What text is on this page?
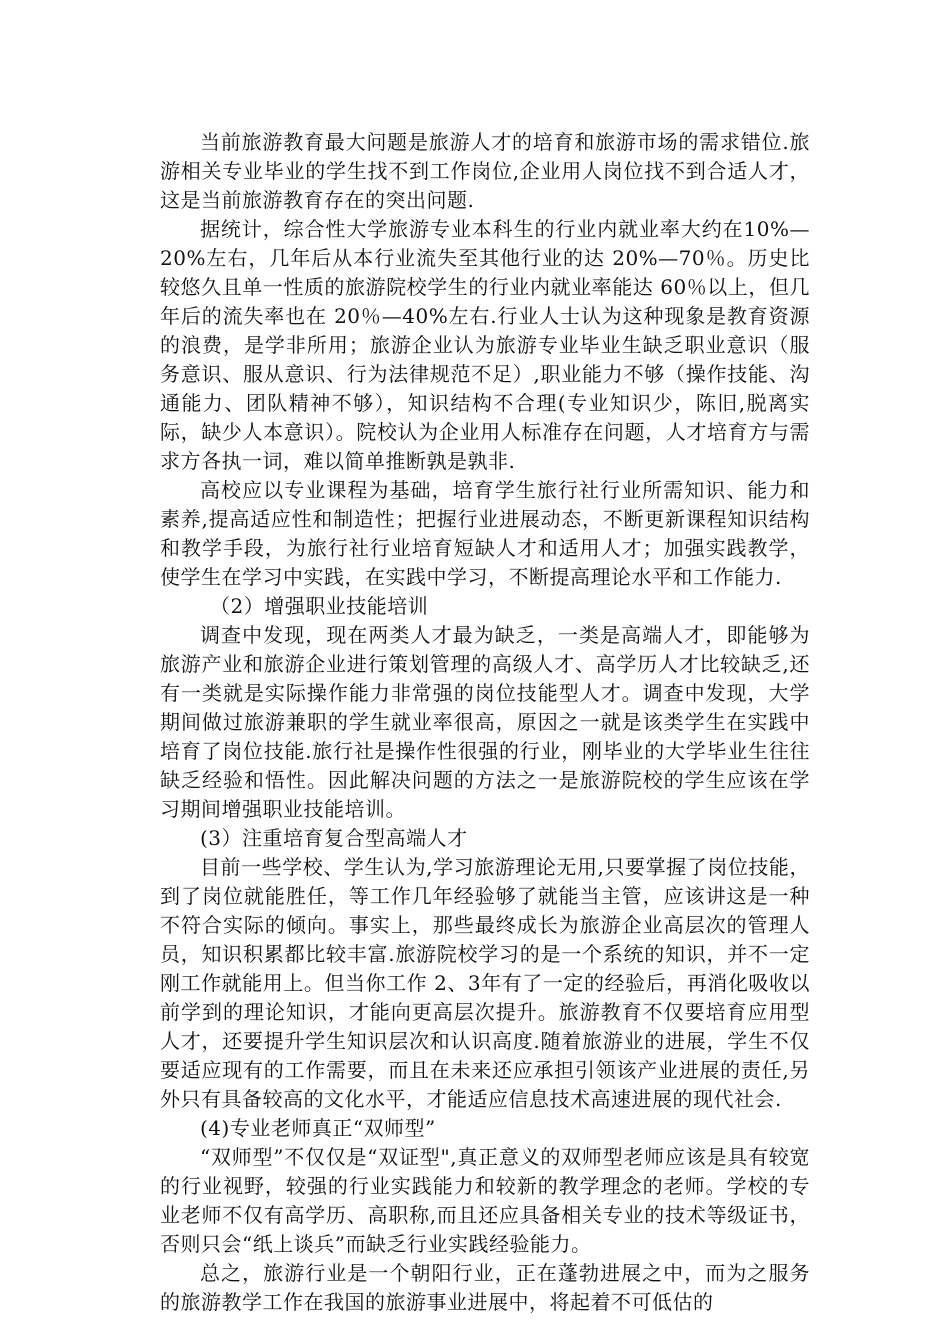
当前旅游教育最大问题是旅游人才的培育和旅游市场的需求错位.旅游相关专业毕业的学生找不到工作岗位,企业用人岗位找不到合适人才，这是当前旅游教育存在的突出问题.

据统计，综合性大学旅游专业本科生的行业内就业率大约在10%—20%左右，几年后从本行业流失至其他行业的达 20%—70％。历史比较悠久且单一性质的旅游院校学生的行业内就业率能达 60％以上，但几年后的流失率也在 20％—40%左右.行业人士认为这种现象是教育资源的浪费，是学非所用；旅游企业认为旅游专业毕业生缺乏职业意识（服务意识、服从意识、行为法律规范不足）,职业能力不够（操作技能、沟通能力、团队精神不够），知识结构不合理(专业知识少，陈旧,脱离实际，缺少人本意识）。院校认为企业用人标准存在问题，人才培育方与需求方各执一词，难以简单推断孰是孰非.

高校应以专业课程为基础，培育学生旅行社行业所需知识、能力和素养,提高适应性和制造性；把握行业进展动态，不断更新课程知识结构和教学手段，为旅行社行业培育短缺人才和适用人才；加强实践教学，使学生在学习中实践，在实践中学习，不断提高理论水平和工作能力.

（2）增强职业技能培训

调查中发现，现在两类人才最为缺乏，一类是高端人才，即能够为旅游产业和旅游企业进行策划管理的高级人才、高学历人才比较缺乏,还有一类就是实际操作能力非常强的岗位技能型人才。调查中发现，大学期间做过旅游兼职的学生就业率很高，原因之一就是该类学生在实践中培育了岗位技能.旅行社是操作性很强的行业，刚毕业的大学毕业生往往缺乏经验和悟性。因此解决问题的方法之一是旅游院校的学生应该在学习期间增强职业技能培训。

(3）注重培育复合型高端人才

目前一些学校、学生认为,学习旅游理论无用,只要掌握了岗位技能，到了岗位就能胜任，等工作几年经验够了就能当主管，应该讲这是一种不符合实际的倾向。事实上，那些最终成长为旅游企业高层次的管理人员，知识积累都比较丰富.旅游院校学习的是一个系统的知识，并不一定刚工作就能用上。但当你工作 2、3年有了一定的经验后，再消化吸收以前学到的理论知识，才能向更高层次提升。旅游教育不仅要培育应用型人才，还要提升学生知识层次和认识高度.随着旅游业的进展，学生不仅要适应现有的工作需要，而且在未来还应承担引领该产业进展的责任,另外只有具备较高的文化水平，才能适应信息技术高速进展的现代社会.

(4)专业老师真正“双师型”

“双师型”不仅仅是“双证型",真正意义的双师型老师应该是具有较宽的行业视野，较强的行业实践能力和较新的教学理念的老师。学校的专业老师不仅有高学历、高职称,而且还应具备相关专业的技术等级证书，否则只会“纸上谈兵”而缺乏行业实践经验能力。

总之，旅游行业是一个朝阳行业，正在蓬勃进展之中，而为之服务的旅游教学工作在我国的旅游事业进展中，将起着不可低估的
